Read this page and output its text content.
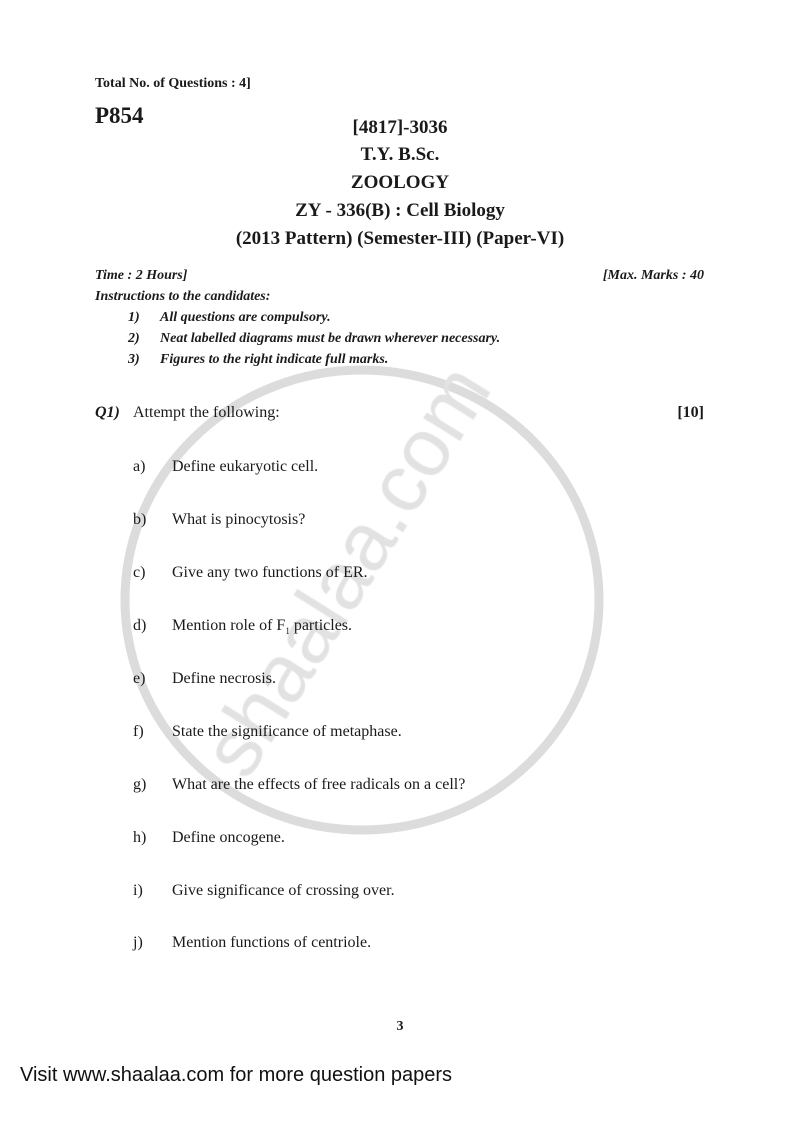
Total No. of Questions : 4]
P854	[4817]-3036
T.Y. B.Sc.
ZOOLOGY
ZY - 336(B) : Cell Biology
(2013 Pattern) (Semester-III) (Paper-VI)
Time : 2 Hours]	[Max. Marks : 40
Instructions to the candidates:
1) All questions are compulsory.
2) Neat labelled diagrams must be drawn wherever necessary.
3) Figures to the right indicate full marks.
Q1) Attempt the following:	[10]
a) Define eukaryotic cell.
b) What is pinocytosis?
c) Give any two functions of ER.
d) Mention role of $F_1$ particles.
e) Define necrosis.
f) State the significance of metaphase.
g) What are the effects of free radicals on a cell?
h) Define oncogene.
i) Give significance of crossing over.
j) Mention functions of centriole.
3
Visit www.shaalaa.com for more question papers
